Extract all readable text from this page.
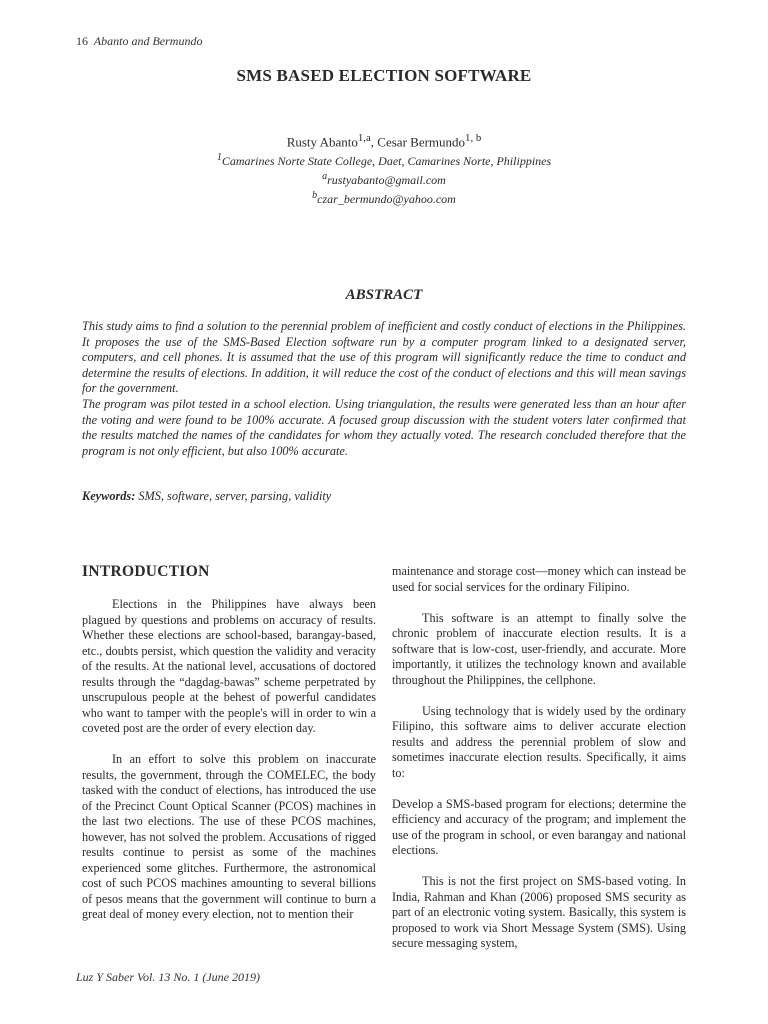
16 Abanto and Bermundo
SMS BASED ELECTION SOFTWARE
Rusty Abanto$^{1,a}$, Cesar Bermundo$^{1, b}$
$^1$Camarines Norte State College, Daet, Camarines Norte, Philippines
$^a$rustyabanto@gmail.com
$^b$czar_bermundo@yahoo.com
ABSTRACT

This study aims to find a solution to the perennial problem of inefficient and costly conduct of elections in the Philippines. It proposes the use of the SMS-Based Election software run by a computer program linked to a designated server, computers, and cell phones. It is assumed that the use of this program will significantly reduce the time to conduct and determine the results of elections. In addition, it will reduce the cost of the conduct of elections and this will mean savings for the government.

The program was pilot tested in a school election. Using triangulation, the results were generated less than an hour after the voting and were found to be 100% accurate. A focused group discussion with the student voters later confirmed that the results matched the names of the candidates for whom they actually voted. The research concluded therefore that the program is not only efficient, but also 100% accurate.

Keywords: SMS, software, server, parsing, validity

INTRODUCTION

Elections in the Philippines have always been plagued by questions and problems on accuracy of results. Whether these elections are school-based, barangay-based, etc., doubts persist, which question the validity and veracity of the results. At the national level, accusations of doctored results through the “dagdag-bawas” scheme perpetrated by unscrupulous people at the behest of powerful candidates who want to tamper with the people's will in order to win a coveted post are the order of every election day.

In an effort to solve this problem on inaccurate results, the government, through the COMELEC, the body tasked with the conduct of elections, has introduced the use of the Precinct Count Optical Scanner (PCOS) machines in the last two elections. The use of these PCOS machines, however, has not solved the problem. Accusations of rigged results continue to persist as some of the machines experienced some glitches. Furthermore, the astronomical cost of such PCOS machines amounting to several billions of pesos means that the government will continue to burn a great deal of money every election, not to mention their

maintenance and storage cost—money which can instead be used for social services for the ordinary Filipino.

This software is an attempt to finally solve the chronic problem of inaccurate election results. It is a software that is low-cost, user-friendly, and accurate. More importantly, it utilizes the technology known and available throughout the Philippines, the cellphone.

Using technology that is widely used by the ordinary Filipino, this software aims to deliver accurate election results and address the perennial problem of slow and sometimes inaccurate election results. Specifically, it aims to:

Develop a SMS-based program for elections; determine the efficiency and accuracy of the program; and implement the use of the program in school, or even barangay and national elections.

This is not the first project on SMS-based voting. In India, Rahman and Khan (2006) proposed SMS security as part of an electronic voting system. Basically, this system is proposed to work via Short Message System (SMS). Using secure messaging system,

Luz Y Saber Vol. 13 No. 1 (June 2019)
